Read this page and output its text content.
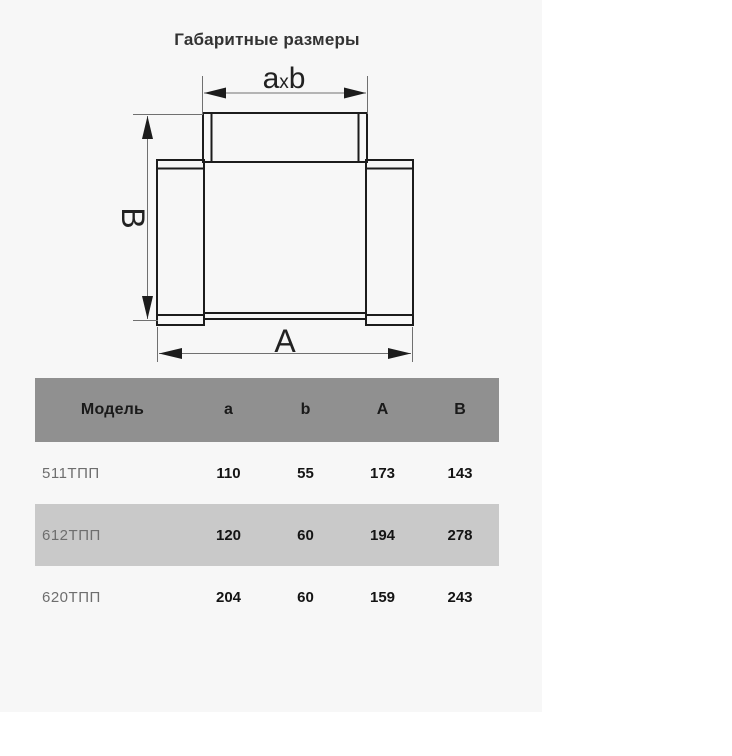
Габаритные размеры
axb
B
A
Модель	a	b	A	B
511ТПП	110	55	173	143
612ТПП	120	60	194	278
620ТПП	204	60	159	243
